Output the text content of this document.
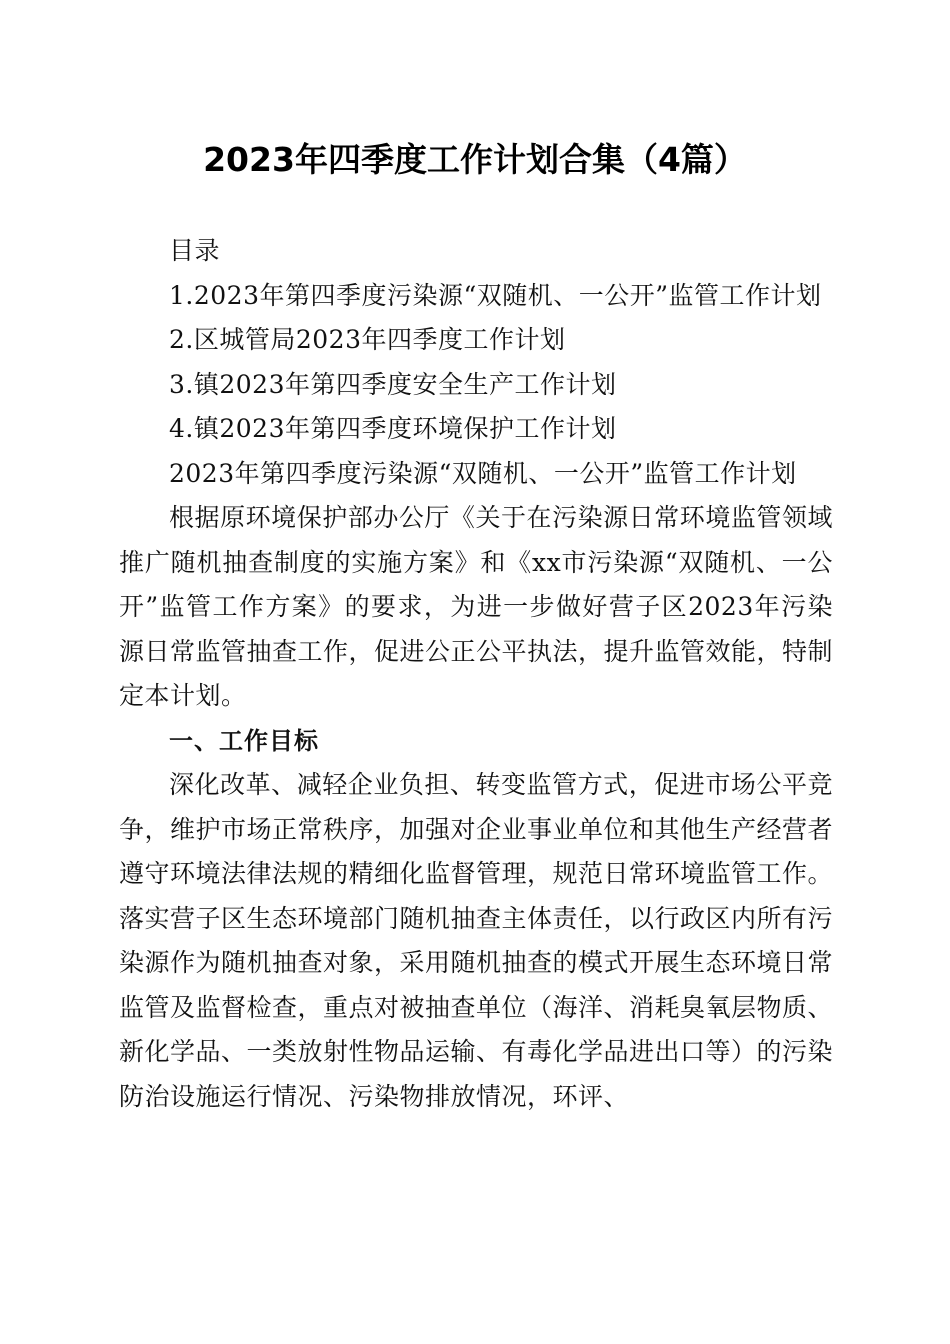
2023年四季度工作计划合集（4篇）

目录

1.2023年第四季度污染源“双随机、一公开”监管工作计划

2.区城管局2023年四季度工作计划

3.镇2023年第四季度安全生产工作计划

4.镇2023年第四季度环境保护工作计划

2023年第四季度污染源“双随机、一公开”监管工作计划

根据原环境保护部办公厅《关于在污染源日常环境监管领域推广随机抽查制度的实施方案》和《xx市污染源“双随机、一公开”监管工作方案》的要求，为进一步做好营子区2023年污染源日常监管抽查工作，促进公正公平执法，提升监管效能，特制定本计划。

一、工作目标

深化改革、减轻企业负担、转变监管方式，促进市场公平竞争，维护市场正常秩序，加强对企业事业单位和其他生产经营者遵守环境法律法规的精细化监督管理，规范日常环境监管工作。落实营子区生态环境部门随机抽查主体责任，以行政区内所有污染源作为随机抽查对象，采用随机抽查的模式开展生态环境日常监管及监督检查，重点对被抽查单位（海洋、消耗臭氧层物质、新化学品、一类放射性物品运输、有毒化学品进出口等）的污染防治设施运行情况、污染物排放情况，环评、
